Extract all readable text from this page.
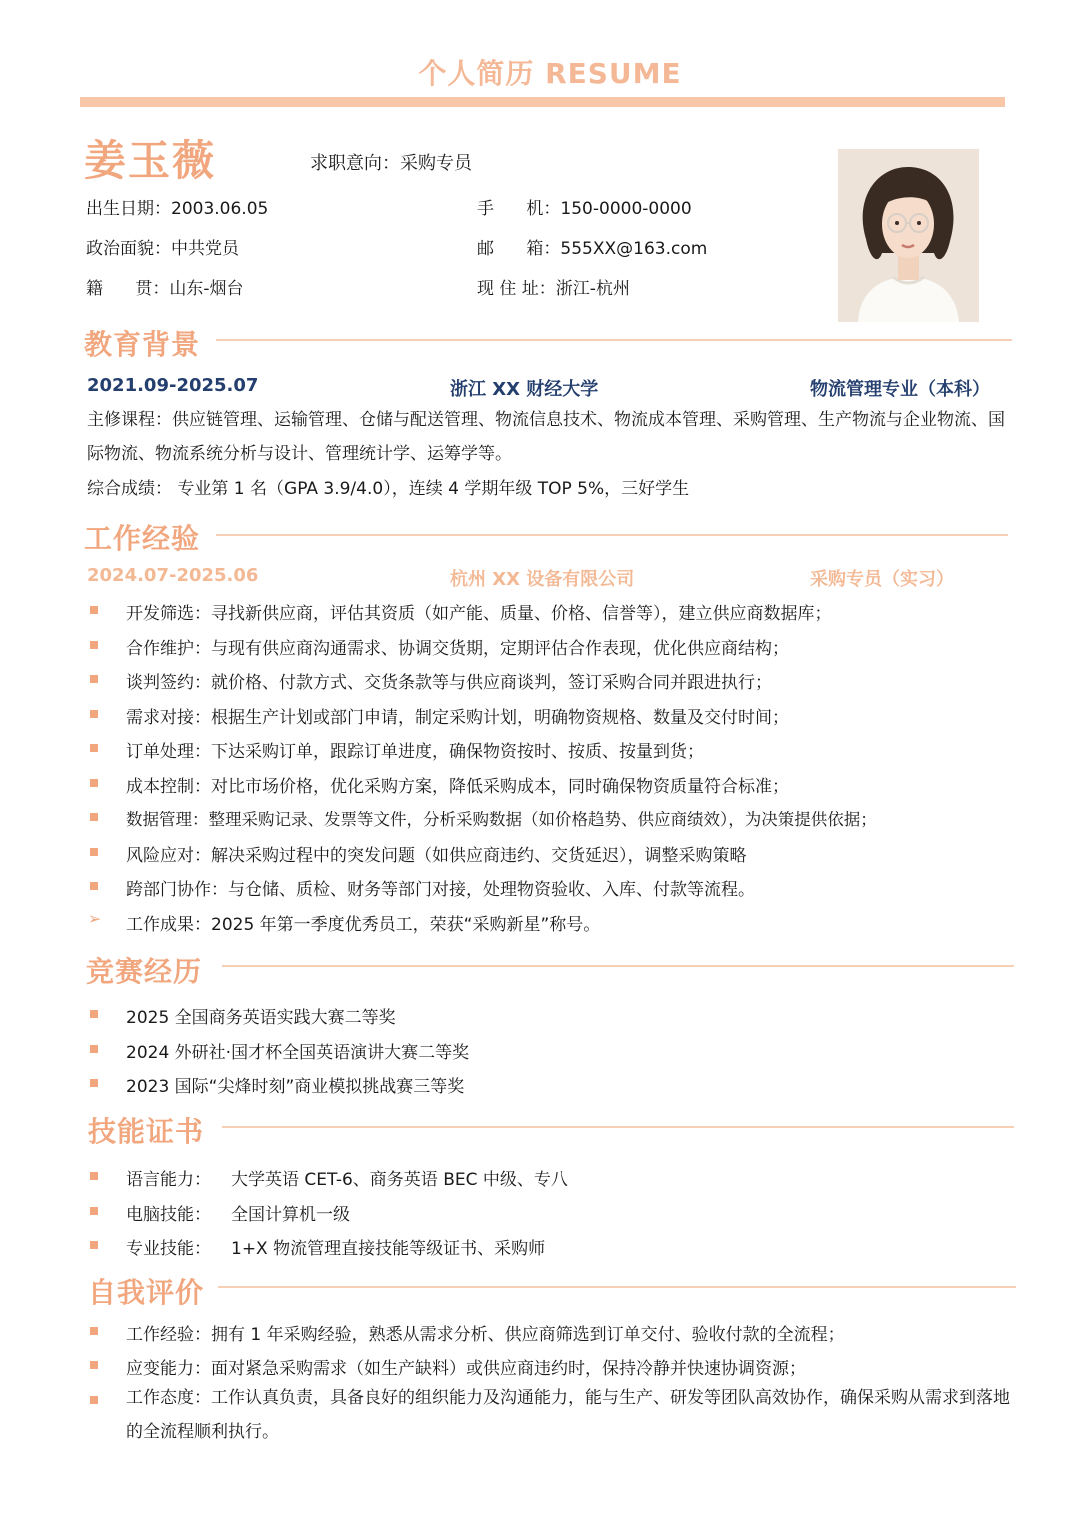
个人简历 RESUME
姜玉薇	求职意向：采购专员
出生日期：2003.06.05
政治面貌：中共党员
籍      贯：山东-烟台
手      机：150-0000-0000
邮      箱：555XX@163.com
现 住 址：浙江-杭州
教育背景
2021.09-2025.07	浙江 XX 财经大学	物流管理专业（本科）
主修课程：供应链管理、运输管理、仓储与配送管理、物流信息技术、物流成本管理、采购管理、生产物流与企业物流、国际物流、物流系统分析与设计、管理统计学、运筹学等。
综合成绩： 专业第 1 名（GPA 3.9/4.0），连续 4 学期年级 TOP 5%，三好学生
工作经验
2024.07-2025.06	杭州 XX 设备有限公司	采购专员（实习）
开发筛选：寻找新供应商，评估其资质（如产能、质量、价格、信誉等），建立供应商数据库；
合作维护：与现有供应商沟通需求、协调交货期，定期评估合作表现，优化供应商结构；
谈判签约：就价格、付款方式、交货条款等与供应商谈判，签订采购合同并跟进执行；
需求对接：根据生产计划或部门申请，制定采购计划，明确物资规格、数量及交付时间；
订单处理：下达采购订单，跟踪订单进度，确保物资按时、按质、按量到货；
成本控制：对比市场价格，优化采购方案，降低采购成本，同时确保物资质量符合标准；
数据管理：整理采购记录、发票等文件，分析采购数据（如价格趋势、供应商绩效），为决策提供依据；
风险应对：解决采购过程中的突发问题（如供应商违约、交货延迟），调整采购策略
跨部门协作：与仓储、质检、财务等部门对接，处理物资验收、入库、付款等流程。
➢ 工作成果：2025 年第一季度优秀员工，荣获“采购新星”称号。
竞赛经历
2025 全国商务英语实践大赛二等奖
2024 外研社·国才杯全国英语演讲大赛二等奖
2023 国际“尖烽时刻”商业模拟挑战赛三等奖
技能证书
语言能力： 大学英语 CET-6、商务英语 BEC 中级、专八
电脑技能： 全国计算机一级
专业技能： 1+X 物流管理直接技能等级证书、采购师
自我评价
工作经验：拥有 1 年采购经验，熟悉从需求分析、供应商筛选到订单交付、验收付款的全流程；
应变能力：面对紧急采购需求（如生产缺料）或供应商违约时，保持冷静并快速协调资源；
工作态度：工作认真负责，具备良好的组织能力及沟通能力，能与生产、研发等团队高效协作，确保采购从需求到落地的全流程顺利执行。
